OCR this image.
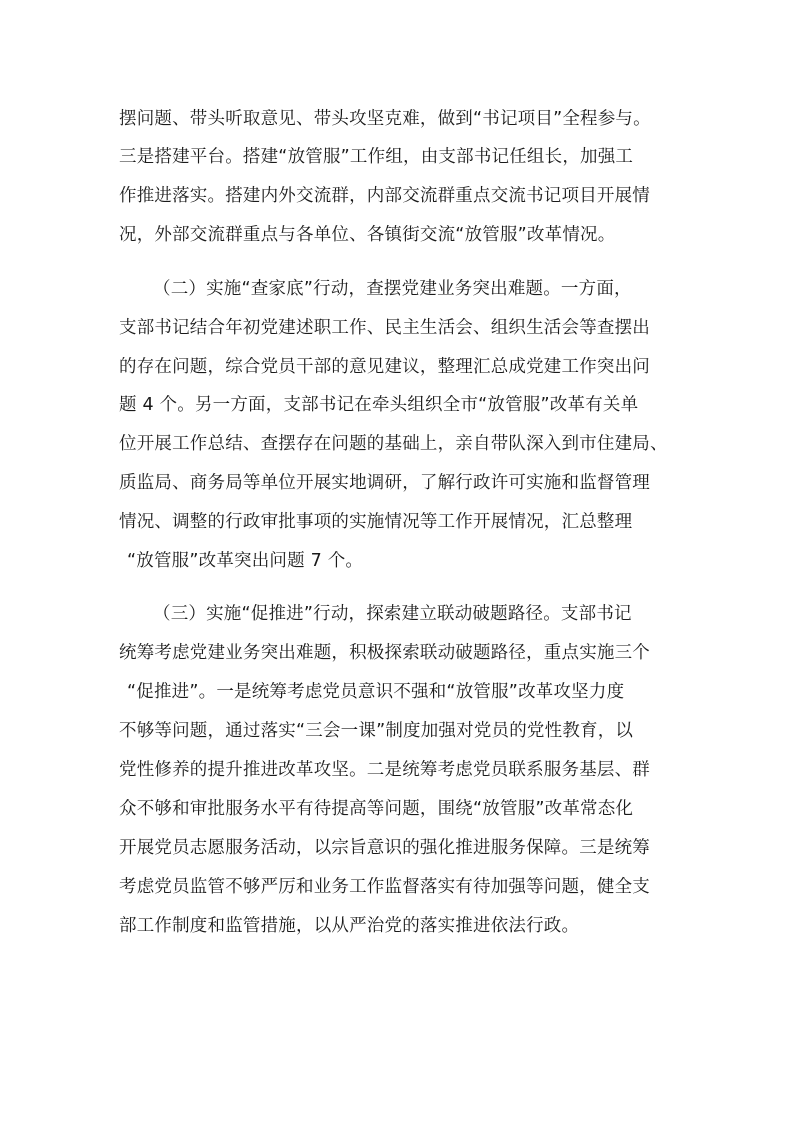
摆问题、带头听取意见、带头攻坚克难，做到“书记项目”全程参与。
三是搭建平台。搭建“放管服”工作组，由支部书记任组长，加强工
作推进落实。搭建内外交流群，内部交流群重点交流书记项目开展情
况，外部交流群重点与各单位、各镇街交流“放管服”改革情况。
（二）实施“查家底”行动，查摆党建业务突出难题。一方面，
支部书记结合年初党建述职工作、民主生活会、组织生活会等查摆出
的存在问题，综合党员干部的意见建议，整理汇总成党建工作突出问
题 4 个。另一方面，支部书记在牵头组织全市“放管服”改革有关单
位开展工作总结、查摆存在问题的基础上，亲自带队深入到市住建局、
质监局、商务局等单位开展实地调研，了解行政许可实施和监督管理
情况、调整的行政审批事项的实施情况等工作开展情况，汇总整理
“放管服”改革突出问题 7 个。
（三）实施“促推进”行动，探索建立联动破题路径。支部书记
统筹考虑党建业务突出难题，积极探索联动破题路径，重点实施三个
“促推进”。一是统筹考虑党员意识不强和“放管服”改革攻坚力度
不够等问题，通过落实“三会一课”制度加强对党员的党性教育，以
党性修养的提升推进改革攻坚。二是统筹考虑党员联系服务基层、群
众不够和审批服务水平有待提高等问题，围绕“放管服”改革常态化
开展党员志愿服务活动，以宗旨意识的强化推进服务保障。三是统筹
考虑党员监管不够严厉和业务工作监督落实有待加强等问题，健全支
部工作制度和监管措施，以从严治党的落实推进依法行政。
